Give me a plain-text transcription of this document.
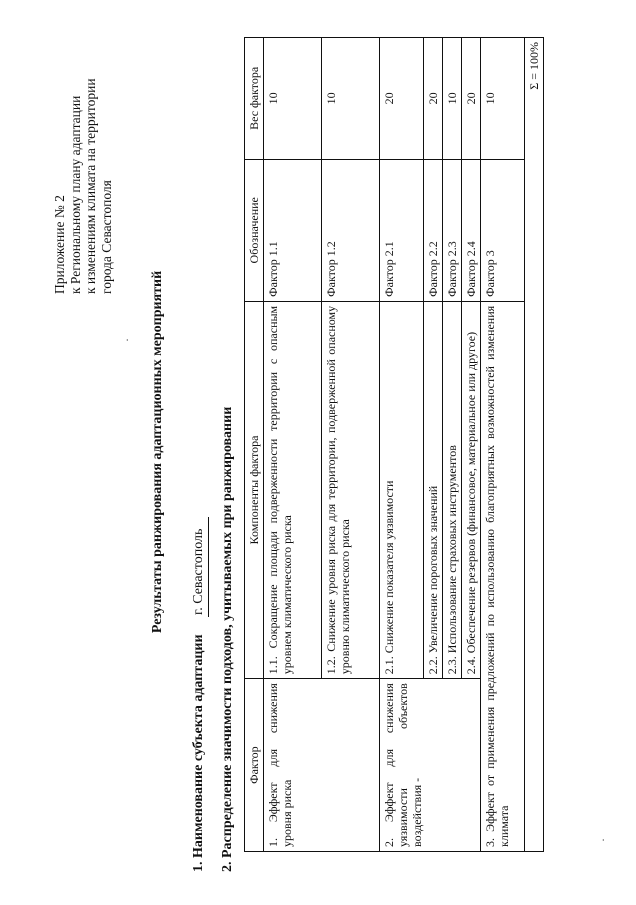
Приложение № 2 к Региональному плану адаптации к изменениям климата на территории города Севастополя
· Результаты ранжирования адаптационных мероприятий
1. Наименование субъекта адаптации г. Севастополь 2. Распределение значимости подходов, учитываемых при ранжировании Фактор	Компоненты фактора	Обозначение	Вес фактора
1. Эффект для снижения уровня риска	1.1. Сокращение площади подверженности территории с опасным уровнем климатического риска	Фактор 1.1	10
	1.2. Снижение уровня риска для территории, подверженной опасному уровню климатического риска	Фактор 1.2	10
2. Эффект для снижения уязвимости объектов воздействия -	2.1. Снижение показателя уязвимости	Фактор 2.1	20
	2.2. Увеличение пороговых значений	Фактор 2.2	20
	2.3. Использование страховых инструментов	Фактор 2.3	10
	2.4. Обеспечение резервов (финансовое, материальное или другое)	Фактор 2.4	20
3. Эффект от применения предложений по использованию благоприятных возможностей изменения климата		Фактор 3	10
Σ = 100%			
·
